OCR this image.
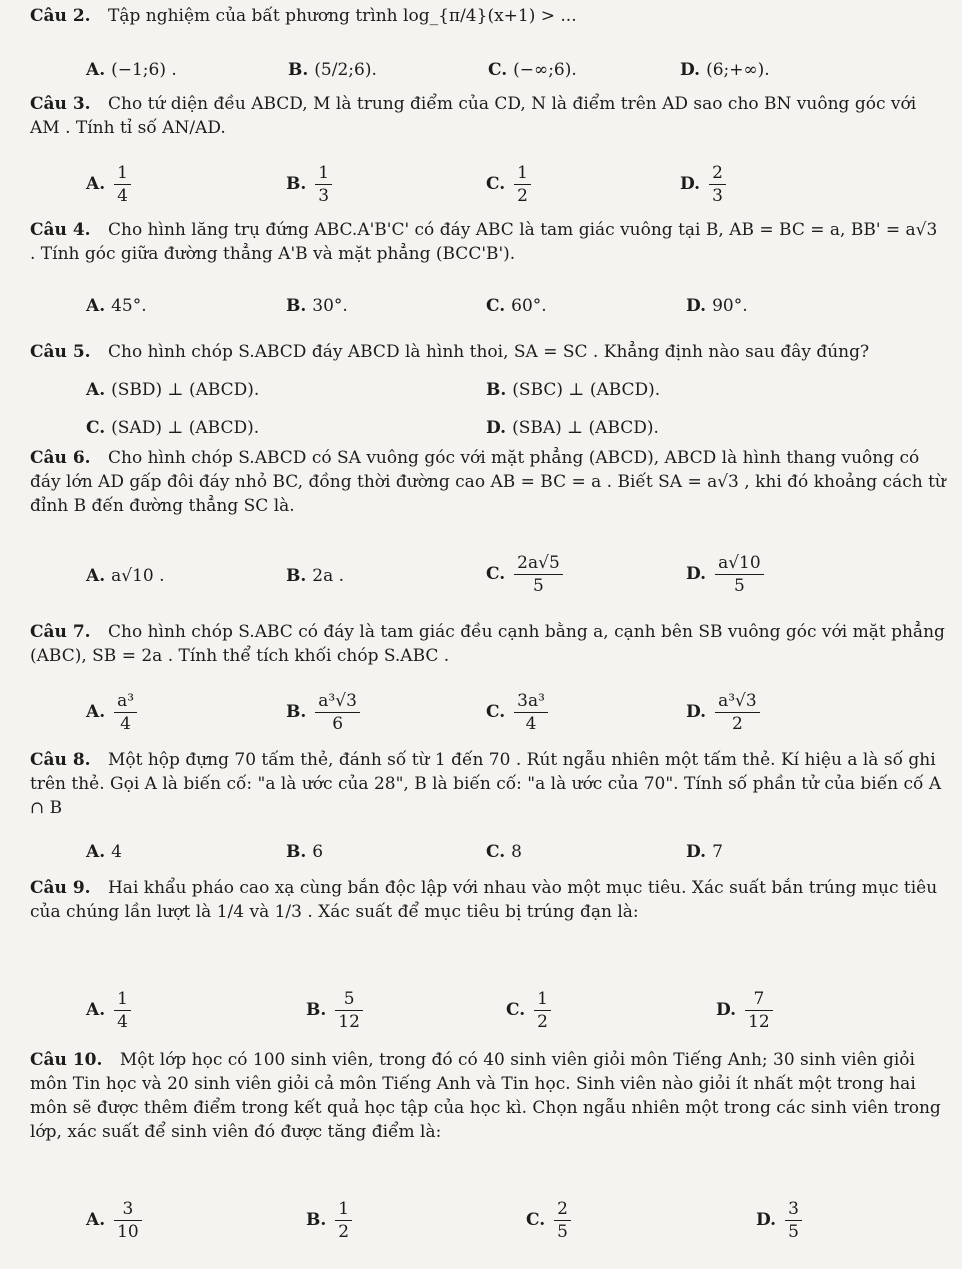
Câu 2. Tập nghiệm của bất phương trình log_{π/4}(x+1) > ...
A. (−1;6) .	B. (5/2;6).	C. (−∞;6).	D. (6;+∞).
Câu 3. Cho tứ diện đều ABCD, M là trung điểm của CD, N là điểm trên AD sao cho BN vuông góc với AM . Tính tỉ số AN/AD.
A. $\frac{1}{4}$	B. $\frac{1}{3}$	C. $\frac{1}{2}$	D. $\frac{2}{3}$
Câu 4. Cho hình lăng trụ đứng ABC.A'B'C' có đáy ABC là tam giác vuông tại B, AB = BC = a, BB' = a√3 . Tính góc giữa đường thẳng A'B và mặt phẳng (BCC'B').
A. 45°.	B. 30°.	C. 60°.	D. 90°.
Câu 5. Cho hình chóp S.ABCD đáy ABCD là hình thoi, SA = SC . Khẳng định nào sau đây đúng?
A. (SBD) ⊥ (ABCD).	B. (SBC) ⊥ (ABCD).
C. (SAD) ⊥ (ABCD).	D. (SBA) ⊥ (ABCD).
Câu 6. Cho hình chóp S.ABCD có SA vuông góc với mặt phẳng (ABCD), ABCD là hình thang vuông có đáy lớn AD gấp đôi đáy nhỏ BC, đồng thời đường cao AB = BC = a . Biết SA = a√3 , khi đó khoảng cách từ đỉnh B đến đường thẳng SC là.
A. a√10 .	B. 2a .	C. $\frac{2a√5}{5}$	D. $\frac{a√10}{5}$
Câu 7. Cho hình chóp S.ABC có đáy là tam giác đều cạnh bằng a, cạnh bên SB vuông góc với mặt phẳng (ABC), SB = 2a . Tính thể tích khối chóp S.ABC .
A. $\frac{\text{a³}}{4}$	B. $\frac{\text{a³√3}}{6}$	C. $\frac{\text{3a³}}{4}$	D. $\frac{\text{a³√3}}{2}$
Câu 8. Một hộp đựng 70 tấm thẻ, đánh số từ 1 đến 70 . Rút ngẫu nhiên một tấm thẻ. Kí hiệu a là số ghi trên thẻ. Gọi A là biến cố: "a là ước của 28", B là biến cố: "a là ước của 70". Tính số phần tử của biến cố A ∩ B
A. 4	B. 6	C. 8	D. 7
Câu 9. Hai khẩu pháo cao xạ cùng bắn độc lập với nhau vào một mục tiêu. Xác suất bắn trúng mục tiêu của chúng lần lượt là 1/4 và 1/3 . Xác suất để mục tiêu bị trúng đạn là:
A. $\frac{1}{4}$	B. $\frac{5}{12}$	C. $\frac{1}{2}$	D. $\frac{7}{12}$
Câu 10. Một lớp học có 100 sinh viên, trong đó có 40 sinh viên giỏi môn Tiếng Anh; 30 sinh viên giỏi môn Tin học và 20 sinh viên giỏi cả môn Tiếng Anh và Tin học. Sinh viên nào giỏi ít nhất một trong hai môn sẽ được thêm điểm trong kết quả học tập của học kì. Chọn ngẫu nhiên một trong các sinh viên trong lớp, xác suất để sinh viên đó được tăng điểm là:
A. $\frac{3}{10}$	B. $\frac{1}{2}$	C. $\frac{2}{5}$	D. $\frac{3}{5}$
